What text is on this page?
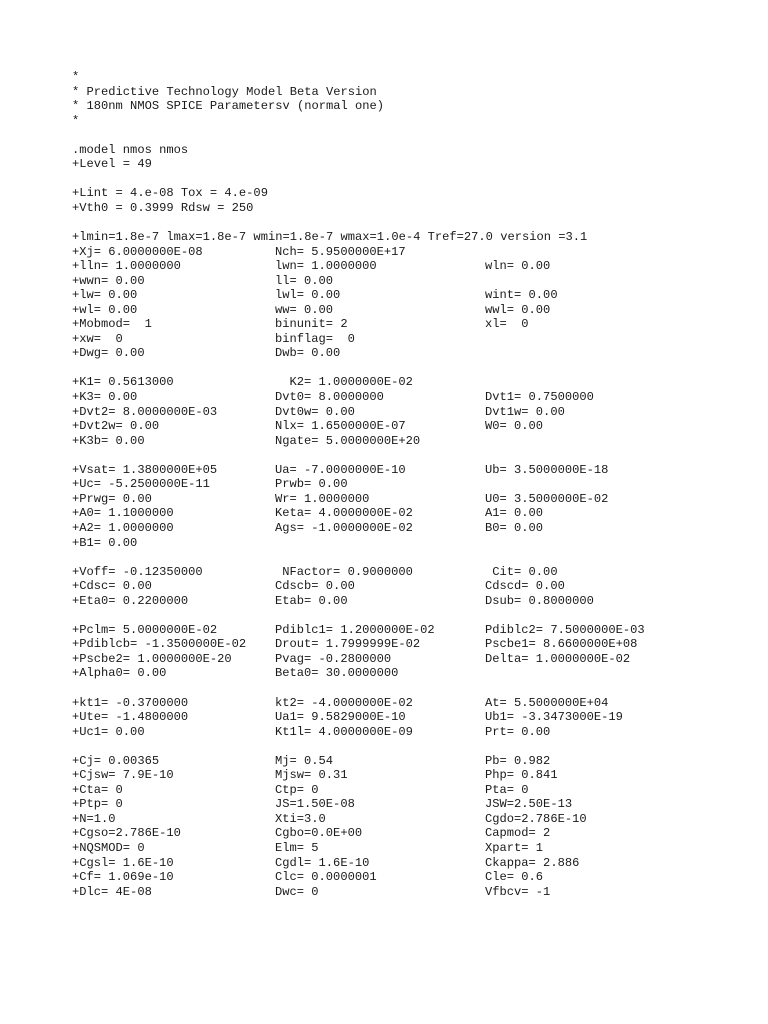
*
* Predictive Technology Model Beta Version
* 180nm NMOS SPICE Parametersv (normal one)
*
.model nmos nmos
+Level = 49
+Lint = 4.e-08 Tox = 4.e-09
+Vth0 = 0.3999 Rdsw = 250
+lmin=1.8e-7 lmax=1.8e-7 wmin=1.8e-7 wmax=1.0e-4 Tref=27.0 version =3.1
+Xj= 6.0000000E-08	Nch= 5.9500000E+17
+lln= 1.0000000	lwn= 1.0000000	wln= 0.00
+wwn= 0.00	ll= 0.00
+lw= 0.00	lwl= 0.00	wint= 0.00
+wl= 0.00	ww= 0.00	wwl= 0.00
+Mobmod=  1	binunit= 2	xl=  0
+xw=  0	binflag=  0
+Dwg= 0.00	Dwb= 0.00
+K1= 0.5613000	K2= 1.0000000E-02
+K3= 0.00	Dvt0= 8.0000000	Dvt1= 0.7500000
+Dvt2= 8.0000000E-03	Dvt0w= 0.00	Dvt1w= 0.00
+Dvt2w= 0.00	Nlx= 1.6500000E-07	W0= 0.00
+K3b= 0.00	Ngate= 5.0000000E+20
+Vsat= 1.3800000E+05	Ua= -7.0000000E-10	Ub= 3.5000000E-18
+Uc= -5.2500000E-11	Prwb= 0.00
+Prwg= 0.00	Wr= 1.0000000	U0= 3.5000000E-02
+A0= 1.1000000	Keta= 4.0000000E-02	A1= 0.00
+A2= 1.0000000	Ags= -1.0000000E-02	B0= 0.00
+B1= 0.00
+Voff= -0.12350000	NFactor= 0.9000000	Cit= 0.00
+Cdsc= 0.00	Cdscb= 0.00	Cdscd= 0.00
+Eta0= 0.2200000	Etab= 0.00	Dsub= 0.8000000
+Pclm= 5.0000000E-02	Pdiblc1= 1.2000000E-02	Pdiblc2= 7.5000000E-03
+Pdiblcb= -1.3500000E-02 Drout= 1.7999999E-02	Pscbe1= 8.6600000E+08
+Pscbe2= 1.0000000E-20	Pvag= -0.2800000	Delta= 1.0000000E-02
+Alpha0= 0.00	Beta0= 30.0000000
+kt1= -0.3700000	kt2= -4.0000000E-02	At= 5.5000000E+04
+Ute= -1.4800000	Ua1= 9.5829000E-10	Ub1= -3.3473000E-19
+Uc1= 0.00	Kt1l= 4.0000000E-09	Prt= 0.00
+Cj= 0.00365	Mj= 0.54	Pb= 0.982
+Cjsw= 7.9E-10	Mjsw= 0.31	Php= 0.841
+Cta= 0	Ctp= 0	Pta= 0
+Ptp= 0	JS=1.50E-08	JSW=2.50E-13
+N=1.0	Xti=3.0	Cgdo=2.786E-10
+Cgso=2.786E-10	Cgbo=0.0E+00	Capmod= 2
+NQSMOD= 0	Elm= 5	Xpart= 1
+Cgsl= 1.6E-10	Cgdl= 1.6E-10	Ckappa= 2.886
+Cf= 1.069e-10	Clc= 0.0000001	Cle= 0.6
+Dlc= 4E-08	Dwc= 0	Vfbcv= -1
